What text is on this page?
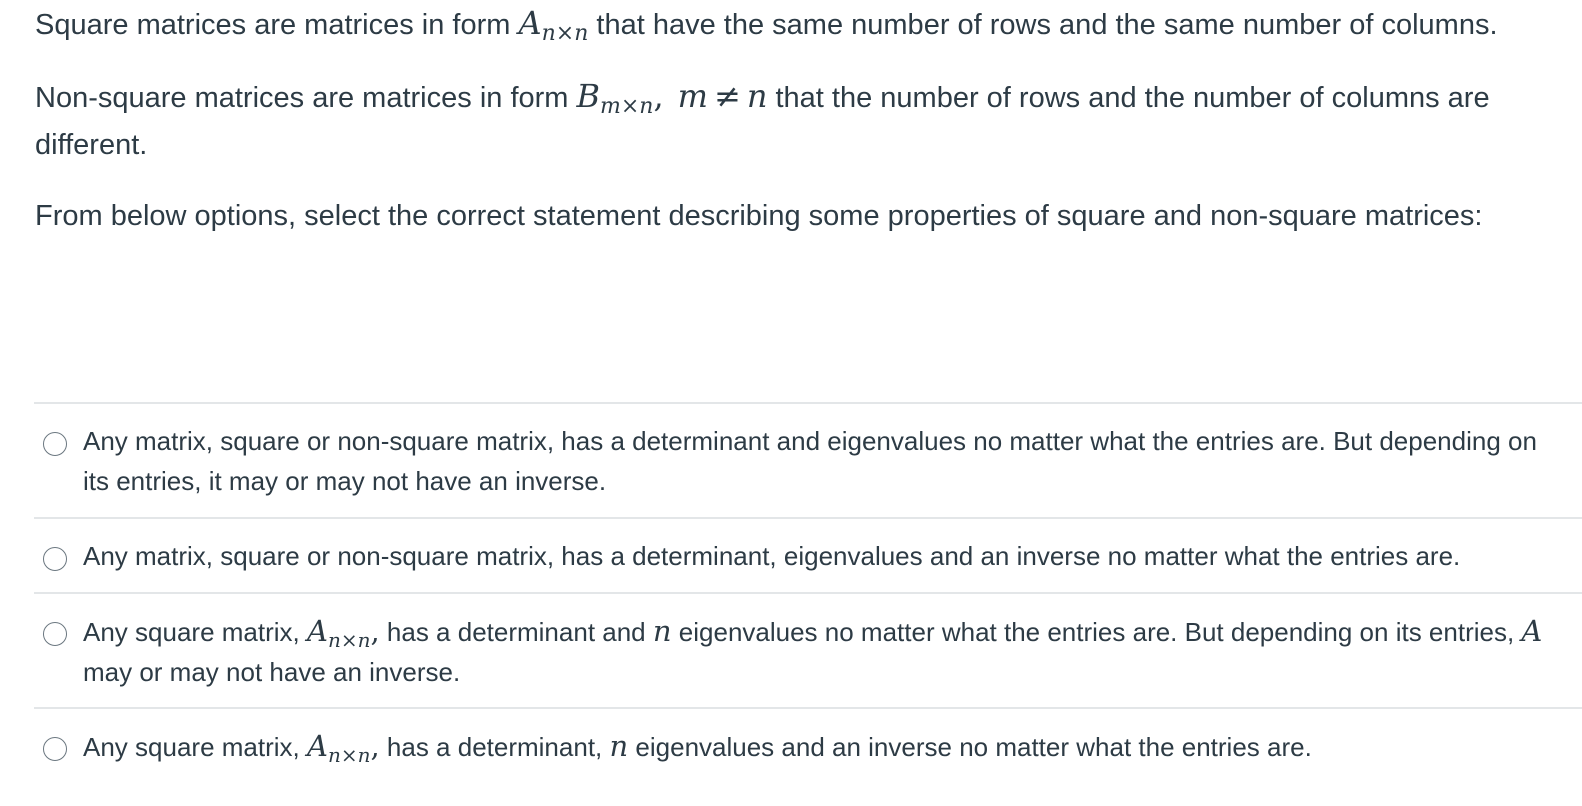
Square matrices are matrices in form $A_{n\times n}$ that have the same number of rows and the same number of columns.

Non-square matrices are matrices in form $B_{m\times n}$, m ≠ n that the number of rows and the number of columns are different.

From below options, select the correct statement describing some properties of square and non-square matrices:

Any matrix, square or non-square matrix, has a determinant and eigenvalues no matter what the entries are. But depending on its entries, it may or may not have an inverse.
Any matrix, square or non-square matrix, has a determinant, eigenvalues and an inverse no matter what the entries are.
Any square matrix, $A_{n\times n}$, has a determinant and n eigenvalues no matter what the entries are. But depending on its entries, A may or may not have an inverse.
Any square matrix, $A_{n\times n}$, has a determinant, n eigenvalues and an inverse no matter what the entries are.
